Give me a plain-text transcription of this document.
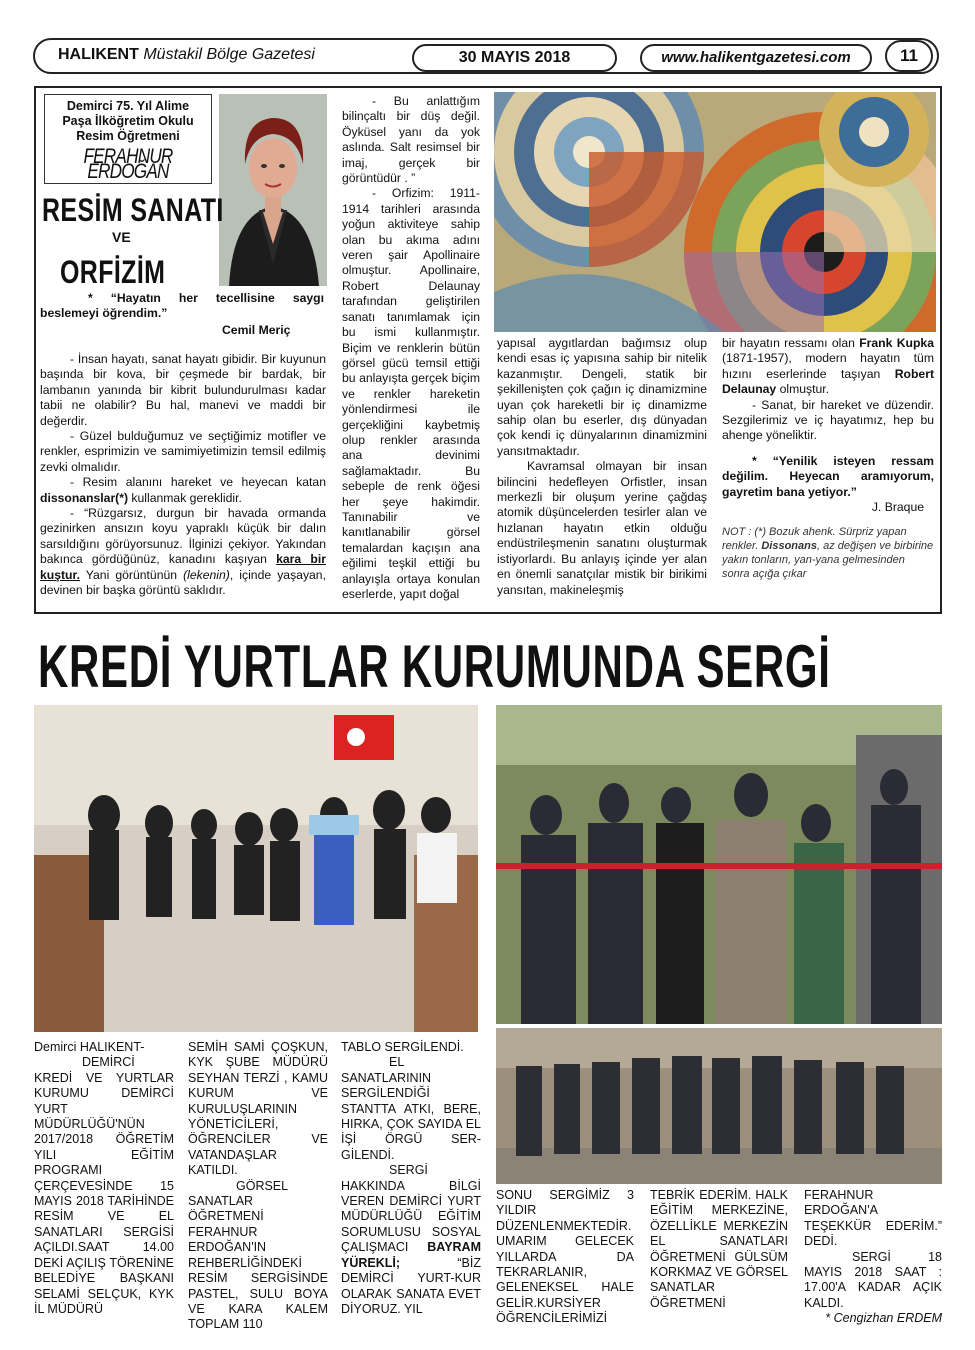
HALIKENT Müstakil Bölge Gazetesi	30 MAYIS 2018	www.halikentgazetesi.com	11
Demirci 75. Yıl Alime
Paşa İlköğretim Okulu
Resim Öğretmeni
FERAHNUR ERDOĞAN
RESİM SANATI
VE
ORFİZİM
* “Hayatın her tecellisine saygı beslemeyi öğrendim.”
Cemil Meriç

- İnsan hayatı, sanat hayatı gibidir. Bir kuyunun başında bir kova, bir çeşmede bir bardak, bir lambanın yanında bir kibrit bulundurulması kadar tabii ne olabilir? Bu hal, manevi ve maddi bir değerdir.

- Güzel bulduğumuz ve seçtiğimiz motifler ve renkler, esprimizin ve samimiyetimizin temsil edilmiş zevki olmalıdır.

- Resim alanını hareket ve heyecan katan dissonanslar(*) kullanmak gereklidir.

- “Rüzgarsız, durgun bir havada ormanda gezinirken ansızın koyu yapraklı küçük bir dalın sarsıldığını görüyorsunuz. İlginizi çekiyor. Yakından bakınca gördüğünüz, kanadını kaşıyan kara bir kuştur. Yani görüntünün (lekenin), içinde yaşayan, devinen bir başka görüntü saklıdır.

- Bu anlattığım bilinçaltı bir düş değil. Öyküsel yanı da yok aslında. Salt resimsel bir imaj, gerçek bir görüntüdür . ”

- Orfizim: 1911-1914 tarihleri arasında yoğun aktiviteye sahip olan bu akıma adını veren şair Apollinaire olmuştur. Apollinaire, Robert Delaunay tarafından geliştirilen sanatı tanımlamak için bu ismi kullanmıştır. Biçim ve renklerin bütün görsel gücü temsil ettiği bu anlayışta gerçek biçim ve renkler hareketin yönlendirmesi ile gerçekliğini kaybetmiş olup renkler arasında ana devinimi sağlamaktadır. Bu sebeple de renk öğesi her şeye hakimdir. Tanınabilir ve kanıtlanabilir görsel temalardan kaçışın ana eğilimi teşkil ettiği bu anlayışla ortaya konulan eserlerde, yapıt doğal

yapısal aygıtlardan bağımsız olup kendi esas iç yapısına sahip bir nitelik kazanmıştır. Dengeli, statik bir şekillenişten çok çağın iç dinamizmine uyan çok hareketli bir iç dinamizme sahip olan bu eserler, dış dünyadan çok kendi iç dünyalarının dinamizmini yansıtmaktadır.

Kavramsal olmayan bir insan bilincini hedefleyen Orfistler, insan merkezli bir oluşum yerine çağdaş atomik düşüncelerden tesirler alan ve hızlanan hayatın etkin olduğu endüstrileşmenin sanatını oluşturmak istiyorlardı. Bu anlayış içinde yer alan en önemli sanatçılar mistik bir birikimi yansıtan, makineleşmiş

bir hayatın ressamı olan Frank Kupka (1871-1957), modern hayatın tüm hızını eserlerinde taşıyan Robert Delaunay olmuştur.

- Sanat, bir hareket ve düzendir. Sezgilerimiz ve iç hayatımız, hep bu ahenge yöneliktir.

* “Yenilik isteyen ressam değilim. Heyecan aramıyorum, gayretim bana yetiyor.”

J. Braque

NOT : (*) Bozuk ahenk. Sürpriz yapan renkler. Dissonans, az değişen ve birbirine yakın tonların, yan-yana gelmesinden sonra açığa çıkar

KREDİ YURTLAR KURUMUNDA SERGİ
Demirci HALIKENT-
DEMİRCİ KREDİ VE YURTLAR KURUMU DEMİRCİ YURT MÜDÜRLÜĞÜ'NÜN 2017/2018 ÖĞRETİM YILI EĞİTİM PROGRAMI ÇERÇEVESİNDE 15 MAYIS 2018 TARİHİNDE RESİM VE EL SANATLARI SERGİSİ AÇILDI.SAAT 14.00 DEKİ AÇILIŞ TÖRENİNE BELEDİYE BAŞKANI SELAMİ SELÇUK, KYK İL MÜDÜRÜ
SEMİH SAMİ ÇOŞKUN, KYK ŞUBE MÜDÜRÜ SEYHAN TERZİ , KAMU KURUM VE KURULUŞLARININ YÖNETİCİLERİ, ÖĞRENCİLER VE VATANDAŞLAR KATILDI.
GÖRSEL SANATLAR ÖĞRETMENİ FERAHNUR ERDOĞAN'IN REHBERLİĞİNDEKİ RESİM SERGİSİNDE PASTEL, SULU BOYA VE KARA KALEM TOPLAM 110
TABLO SERGİLENDİ.
EL SANATLARININ SERGİLENDİĞİ STANTTA ATKI, BERE, HIRKA, ÇOK SAYIDA EL İŞİ ÖRGÜ SER-GİLENDİ.
SERGİ HAKKINDA BİLGİ VEREN DEMİRCİ YURT MÜDÜRLÜĞÜ EĞİTİM SORUMLUSU SOSYAL ÇALIŞMACI BAYRAM YÜREKLİ; “BİZ DEMİRCİ YURT-KUR OLARAK SANATA EVET DİYORUZ. YIL
SONU SERGİMİZ 3 YILDIR DÜZENLENMEKTEDİR. UMARIM GELECEK YILLARDA DA TEKRARLANIR, GELENEKSEL HALE GELİR.KURSİYER ÖĞRENCİLERİMİZİ
TEBRİK EDERİM. HALK EĞİTİM MERKEZİNE, ÖZELLİKLE MERKEZİN EL SANATLARI ÖĞRETMENİ GÜLSÜM KORKMAZ VE GÖRSEL SANATLAR ÖĞRETMENİ
FERAHNUR ERDOĞAN'A TEŞEKKÜR EDERİM.” DEDİ.
SERGİ 18 MAYIS 2018 SAAT : 17.00'A KADAR AÇIK KALDI.
* Cengizhan ERDEM
